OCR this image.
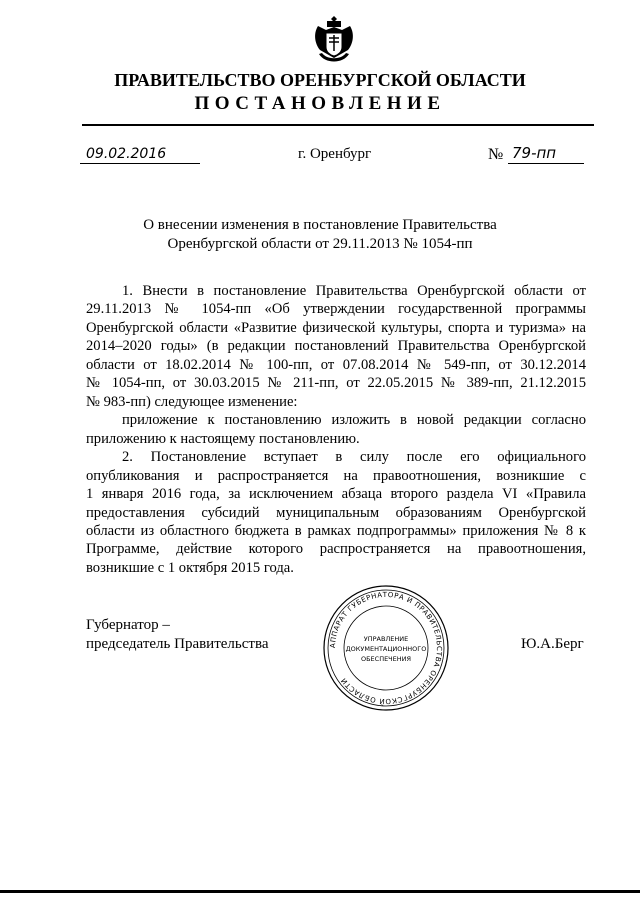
ПРАВИТЕЛЬСТВО ОРЕНБУРГСКОЙ ОБЛАСТИ
ПОСТАНОВЛЕНИЕ
09.02.2016	г. Оренбург	№ 79-пп
О внесении изменения в постановление Правительства
Оренбургской области от 29.11.2013 № 1054-пп
1. Внести в постановление Правительства Оренбургской области от
29.11.2013 № 1054-пп «Об утверждении государственной программы
Оренбургской области «Развитие физической культуры, спорта и туризма» на
2014–2020 годы» (в редакции постановлений Правительства Оренбургской
области от 18.02.2014 № 100-пп, от 07.08.2014 № 549-пп, от 30.12.2014
№ 1054-пп, от 30.03.2015 № 211-пп, от 22.05.2015 № 389-пп, 21.12.2015
№ 983-пп) следующее изменение:
приложение к постановлению изложить в новой редакции согласно
приложению к настоящему постановлению.
2. Постановление вступает в силу после его официального
опубликования и распространяется на правоотношения, возникшие с
1 января 2016 года, за исключением абзаца второго раздела VI «Правила
предоставления субсидий муниципальным образованиям Оренбургской
области из областного бюджета в рамках подпрограммы» приложения № 8 к
Программе, действие которого распространяется на правоотношения,
возникшие с 1 октября 2015 года.
Губернатор –
председатель Правительства	Ю.А.Берг
АППАРАТ ГУБЕРНАТОРА И ПРАВИТЕЛЬСТВА ОРЕНБУРГСКОЙ ОБЛАСТИ
УПРАВЛЕНИЕ
ДОКУМЕНТАЦИОННОГО
ОБЕСПЕЧЕНИЯ
